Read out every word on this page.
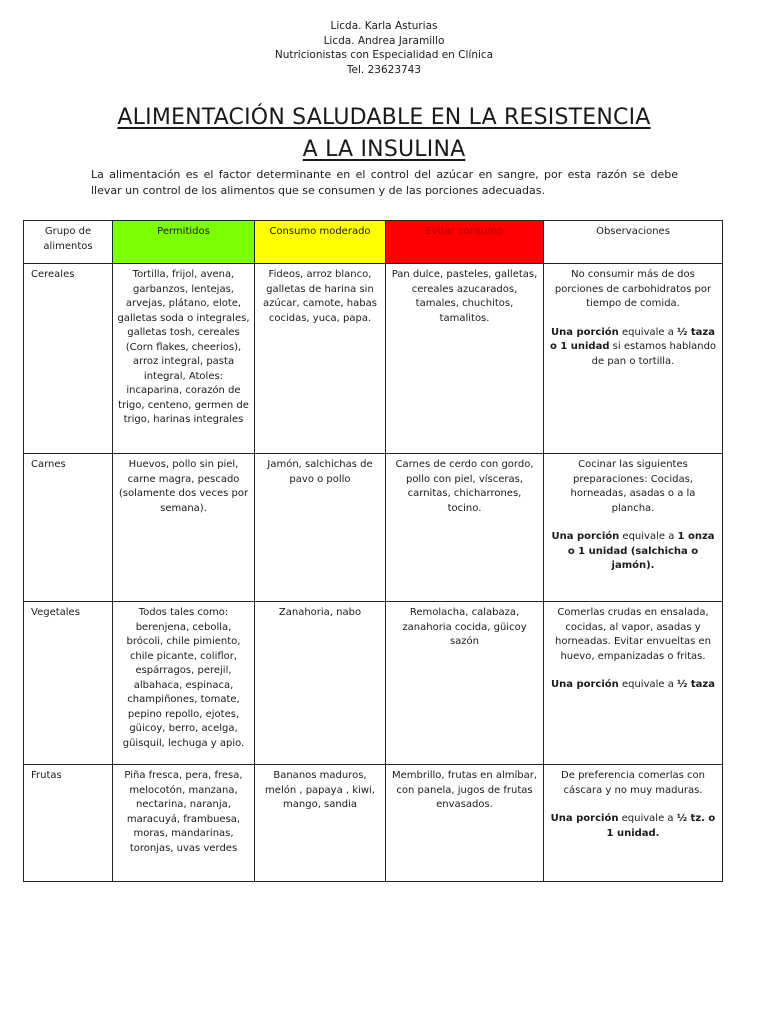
Licda. Karla Asturias
Licda. Andrea Jaramillo
Nutricionistas con Especialidad en Clínica
Tel. 23623743
ALIMENTACIÓN SALUDABLE EN LA RESISTENCIA
A LA INSULINA
La alimentación es el factor determinante en el control del azúcar en sangre, por esta razón se debe llevar un control de los alimentos que se consumen y de las porciones adecuadas.
Grupo de alimentos	Permitidos	Consumo moderado	Evitar consumo	Observaciones
Cereales	Tortilla, frijol, avena, garbanzos, lentejas, arvejas, plátano, elote, galletas soda o integrales, galletas tosh, cereales (Corn flakes, cheerios), arroz integral, pasta integral, Atoles: incaparina, corazón de trigo, centeno, germen de trigo, harinas integrales	Fideos, arroz blanco, galletas de harina sin azúcar, camote, habas cocidas, yuca, papa.	Pan dulce, pasteles, galletas, cereales azucarados, tamales, chuchitos, tamalitos.	No consumir más de dos porciones de carbohidratos por tiempo de comida.

Una porción equivale a ½ taza o 1 unidad si estamos hablando de pan o tortilla.

Carnes	Huevos, pollo sin piel, carne magra, pescado (solamente dos veces por semana).	Jamón, salchichas de pavo o pollo	Carnes de cerdo con gordo, pollo con piel, vísceras, carnitas, chicharrones, tocino.	Cocinar las siguientes preparaciones: Cocidas, horneadas, asadas o a la plancha.

Una porción equivale a 1 onza o 1 unidad (salchicha o jamón).

Vegetales	Todos tales como: berenjena, cebolla, brócoli, chile pimiento, chile picante, coliflor, espárragos, perejil, albahaca, espinaca, champiñones, tomate, pepino repollo, ejotes, güicoy, berro, acelga, güisquil, lechuga y apio.	Zanahoria, nabo	Remolacha, calabaza, zanahoria cocida, güicoy sazón	Comerlas crudas en ensalada, cocidas, al vapor, asadas y horneadas. Evitar envueltas en huevo, empanizadas o fritas.

Una porción equivale a ½ taza

Frutas	Piña fresca, pera, fresa, melocotón, manzana, nectarina, naranja, maracuyá, frambuesa, moras, mandarinas, toronjas, uvas verdes	Bananos maduros, melón , papaya , kiwi, mango, sandia	Membrillo, frutas en almíbar, con panela, jugos de frutas envasados.	De preferencia comerlas con cáscara y no muy maduras.

Una porción equivale a ½ tz. o 1 unidad.
